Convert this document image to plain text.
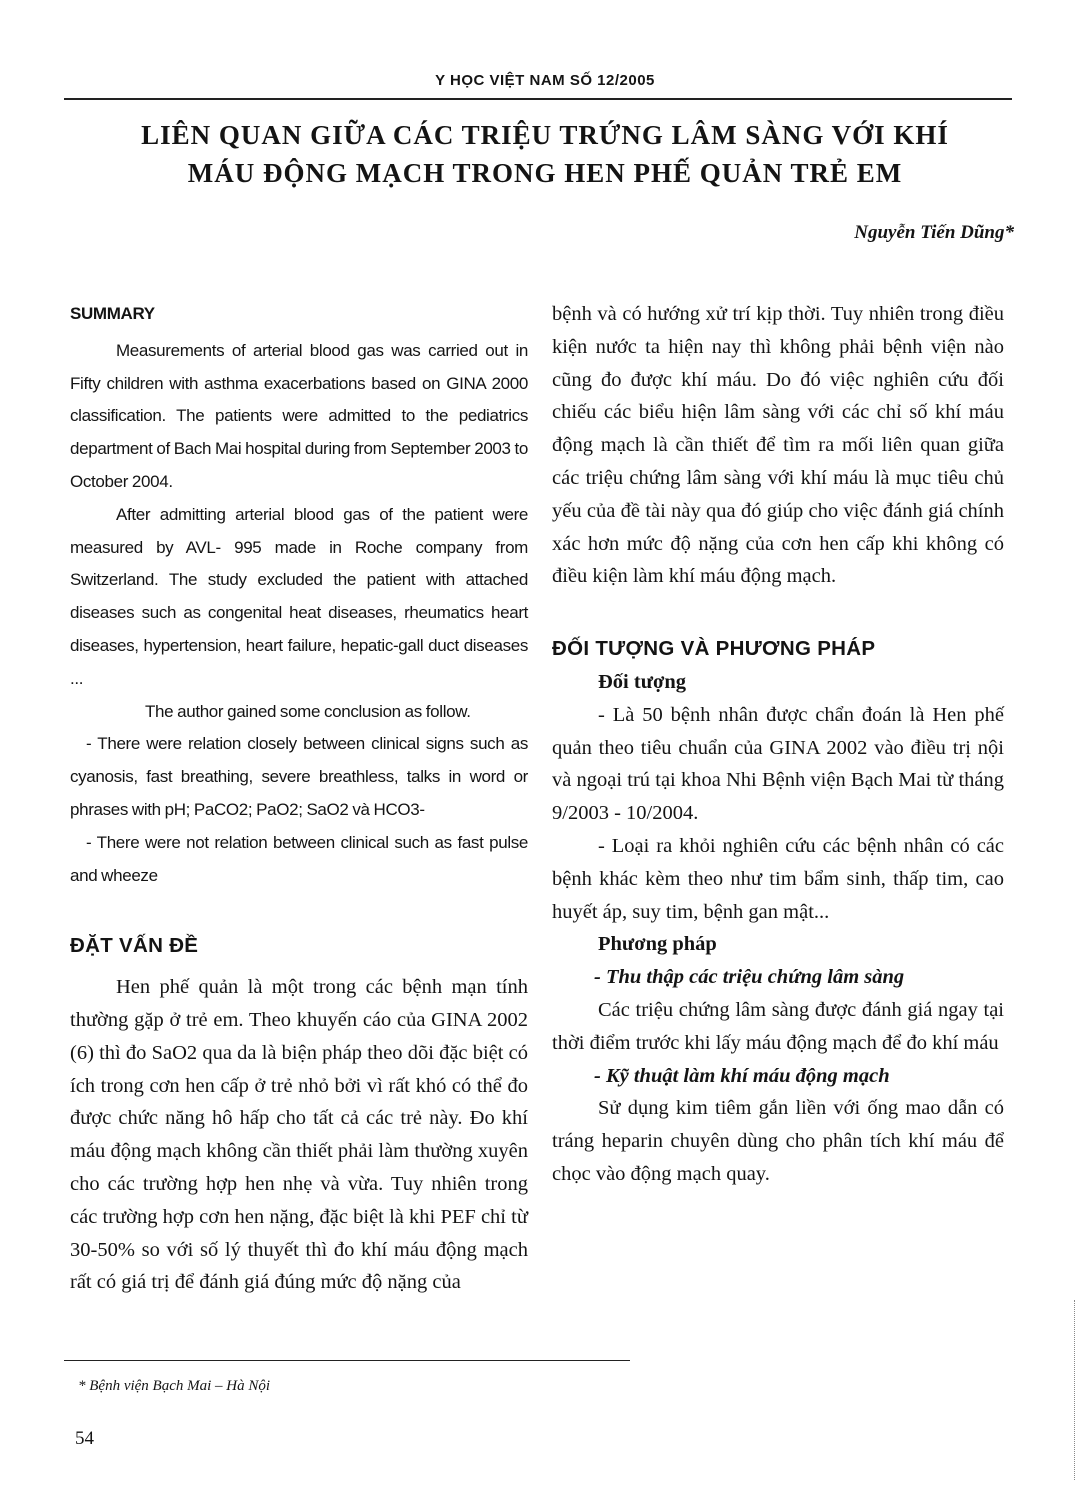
Y HỌC VIỆT NAM SỐ 12/2005
LIÊN QUAN GIỮA CÁC TRIỆU TRỨNG LÂM SÀNG VỚI KHÍ
MÁU ĐỘNG MẠCH TRONG HEN PHẾ QUẢN TRẺ EM
Nguyễn Tiến Dũng*

SUMMARY

Measurements of arterial blood gas was carried out in Fifty children with asthma exacerbations based on GINA 2000 classification. The patients were admitted to the pediatrics department of Bach Mai hospital during from September 2003 to October 2004.

After admitting arterial blood gas of the patient were measured by AVL- 995 made in Roche company from Switzerland. The study excluded the patient with attached diseases such as congenital heat diseases, rheumatics heart diseases, hypertension, heart failure, hepatic-gall duct diseases ...

The author gained some conclusion as follow.

- There were relation closely between clinical signs such as cyanosis, fast breathing, severe breathless, talks in word or phrases with pH; PaCO2; PaO2; SaO2 và HCO3-

- There were not relation between clinical such as fast pulse and wheeze

ĐẶT VẤN ĐỀ

Hen phế quản là một trong các bệnh mạn tính thường gặp ở trẻ em. Theo khuyến cáo của GINA 2002 (6) thì đo SaO2 qua da là biện pháp theo dõi đặc biệt có ích trong cơn hen cấp ở trẻ nhỏ bởi vì rất khó có thể đo được chức năng hô hấp cho tất cả các trẻ này. Đo khí máu động mạch không cần thiết phải làm thường xuyên cho các trường hợp hen nhẹ và vừa. Tuy nhiên trong các trường hợp cơn hen nặng, đặc biệt là khi PEF chỉ từ 30-50% so với số lý thuyết thì đo khí máu động mạch rất có giá trị để đánh giá đúng mức độ nặng của

bệnh và có hướng xử trí kịp thời. Tuy nhiên trong điều kiện nước ta hiện nay thì không phải bệnh viện nào cũng đo được khí máu. Do đó việc nghiên cứu đối chiếu các biểu hiện lâm sàng với các chỉ số khí máu động mạch là cần thiết để tìm ra mối liên quan giữa các triệu chứng lâm sàng với khí máu là mục tiêu chủ yếu của đề tài này qua đó giúp cho việc đánh giá chính xác hơn mức độ nặng của cơn hen cấp khi không có điều kiện làm khí máu động mạch.

ĐỐI TƯỢNG VÀ PHƯƠNG PHÁP

Đối tượng

- Là 50 bệnh nhân được chẩn đoán là Hen phế quản theo tiêu chuẩn của GINA 2002 vào điều trị nội và ngoại trú tại khoa Nhi Bệnh viện Bạch Mai từ tháng 9/2003 - 10/2004.

- Loại ra khỏi nghiên cứu các bệnh nhân có các bệnh khác kèm theo như tim bẩm sinh, thấp tim, cao huyết áp, suy tim, bệnh gan mật...

Phương pháp

- Thu thập các triệu chứng lâm sàng

Các triệu chứng lâm sàng được đánh giá ngay tại thời điểm trước khi lấy máu động mạch để đo khí máu

- Kỹ thuật làm khí máu động mạch

Sử dụng kim tiêm gắn liền với ống mao dẫn có tráng heparin chuyên dùng cho phân tích khí máu để chọc vào động mạch quay.

* Bệnh viện Bạch Mai – Hà Nội
54
